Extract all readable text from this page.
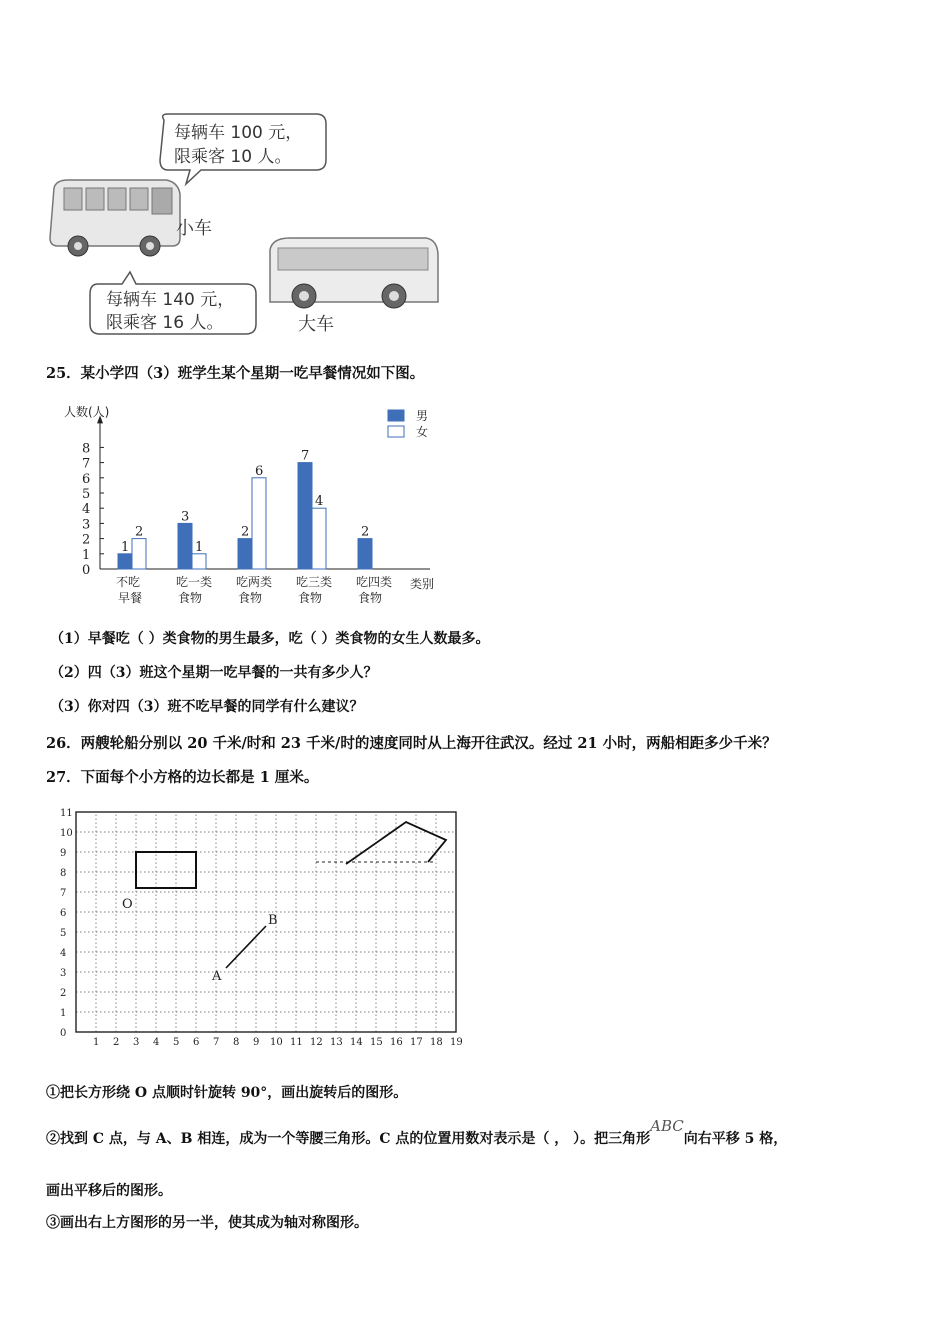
每辆车 100 元，
限乘客 10 人。
小车
每辆车 140 元，
限乘客 16 人。	大车
25．某小学四（3）班学生某个星期一吃早餐情况如下图。
人数(人)
类别
0
1
2
3
4
5
6
7
8
男
女
1
2
不吃
早餐
3
1
吃一类
食物
2
6
吃两类
食物
7
4
吃三类
食物
2
吃四类
食物
（1）早餐吃（ ）类食物的男生最多，吃（ ）类食物的女生人数最多。
（2）四（3）班这个星期一吃早餐的一共有多少人？
（3）你对四（3）班不吃早餐的同学有什么建议？
26．两艘轮船分别以 20 千米/时和 23 千米/时的速度同时从上海开往武汉。经过 21 小时，两船相距多少千米？
27．下面每个小方格的边长都是 1 厘米。
1 2 3 4 5 6 7 8 9 10 11 12 13 14 15 16 17 18 19
0
1
2
3
4
5
6
7
8
9
10
11
O
A
B
①把长方形绕 O 点顺时针旋转 90°，画出旋转后的图形。
②找到 C 点，与 A、B 相连，成为一个等腰三角形。C 点的位置用数对表示是（ ， ）。把三角形ABC向右平移 5 格，
画出平移后的图形。
③画出右上方图形的另一半，使其成为轴对称图形。
